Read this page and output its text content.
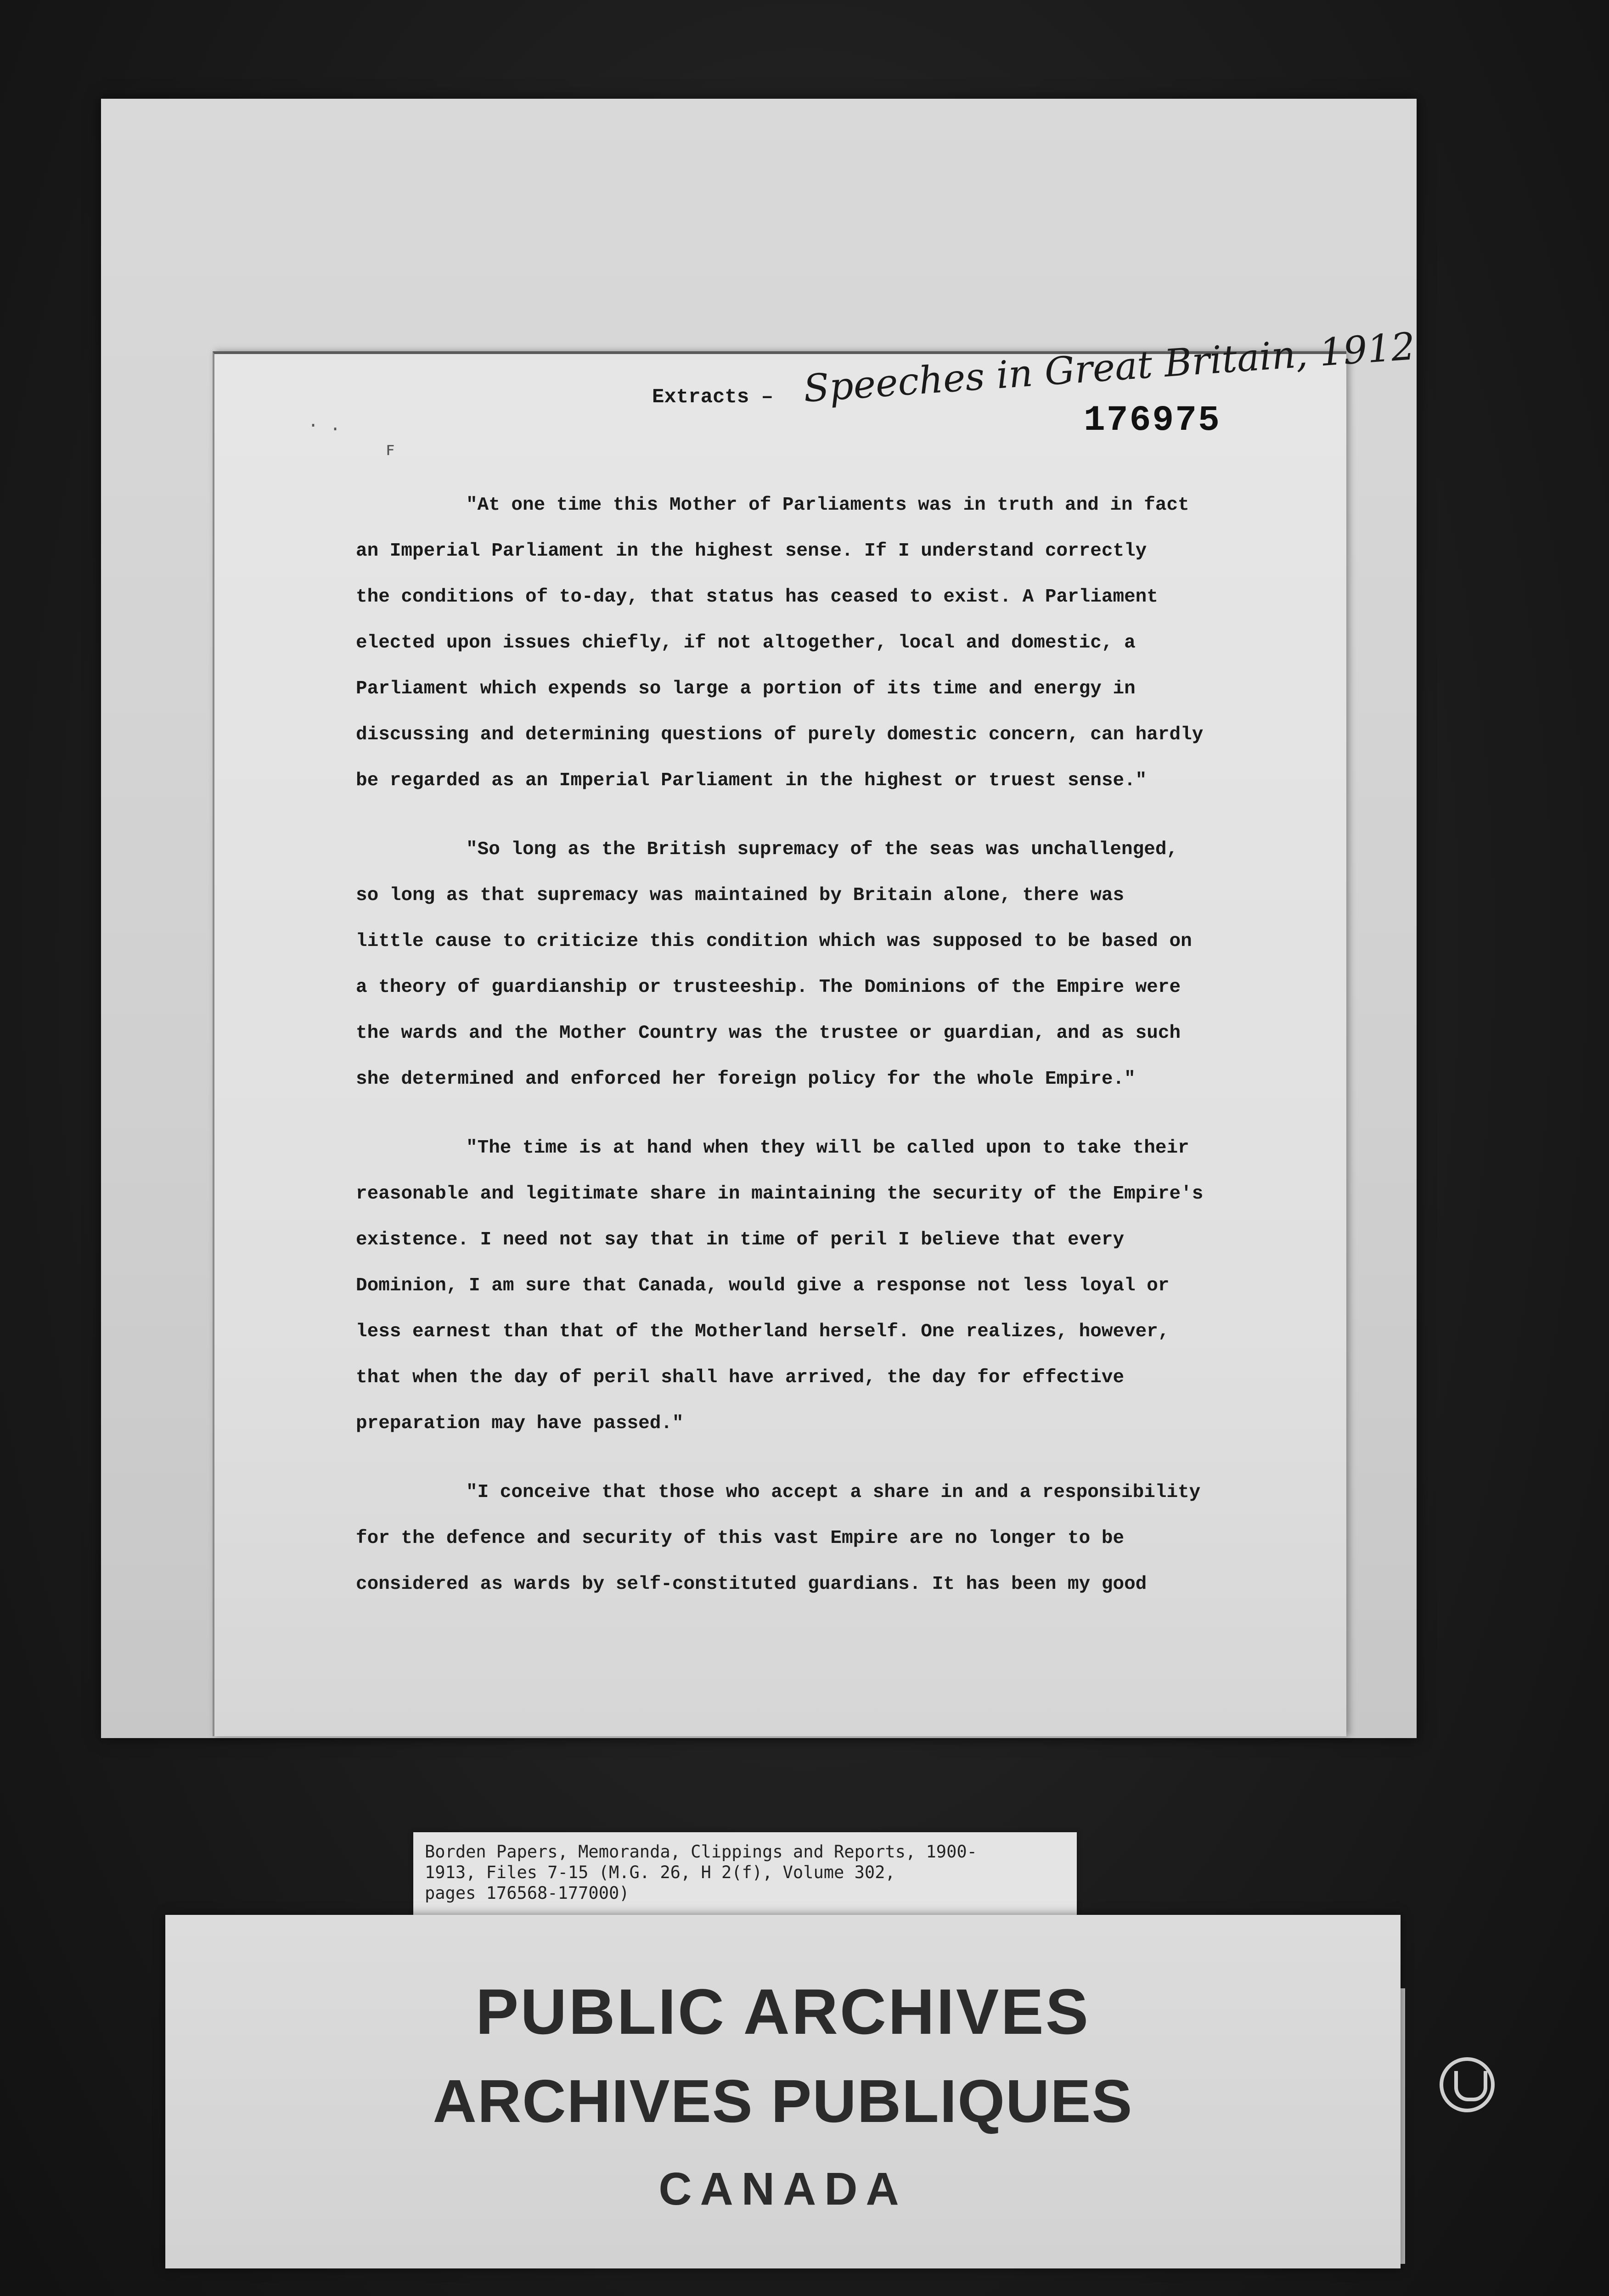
· .
ꜰ
Extracts – Speeches in Great Britain, 1912
176975
"At one time this Mother of Parliaments was in truth and in fact
an Imperial Parliament in the highest sense. If I understand correctly
the conditions of to-day, that status has ceased to exist. A Parliament
elected upon issues chiefly, if not altogether, local and domestic, a
Parliament which expends so large a portion of its time and energy in
discussing and determining questions of purely domestic concern, can hardly
be regarded as an Imperial Parliament in the highest or truest sense."
"So long as the British supremacy of the seas was unchallenged,
so long as that supremacy was maintained by Britain alone, there was
little cause to criticize this condition which was supposed to be based on
a theory of guardianship or trusteeship. The Dominions of the Empire were
the wards and the Mother Country was the trustee or guardian, and as such
she determined and enforced her foreign policy for the whole Empire."
"The time is at hand when they will be called upon to take their
reasonable and legitimate share in maintaining the security of the Empire's
existence. I need not say that in time of peril I believe that every
Dominion, I am sure that Canada, would give a response not less loyal or
less earnest than that of the Motherland herself. One realizes, however,
that when the day of peril shall have arrived, the day for effective
preparation may have passed."
"I conceive that those who accept a share in and a responsibility
for the defence and security of this vast Empire are no longer to be
considered as wards by self-constituted guardians. It has been my good
Borden Papers, Memoranda, Clippings and Reports, 1900-
1913, Files 7-15 (M.G. 26, H 2(f), Volume 302,
pages 176568-177000)
PUBLIC ARCHIVES
ARCHIVES PUBLIQUES
CANADA
